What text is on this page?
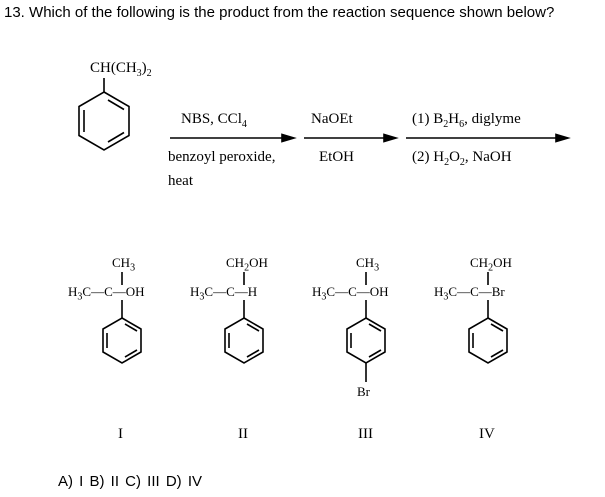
13. Which of the following is the product from the reaction sequence shown below?
$CH(CH_3)_2$
NBS, CCl$_4$
benzoyl peroxide,
heat
NaOEt
EtOH
(1) $B_2H_6$, diglyme
(2) $H_2O_2$, NaOH
$CH_3$
$H_3C—C—OH$
$CH_2OH$
$H_3C—C—H$
$CH_3$
$H_3C—C—OH$
Br
$CH_2OH$
$H_3C—C—Br$
I	II	III	IV
A) I B) II C) III D) IV
